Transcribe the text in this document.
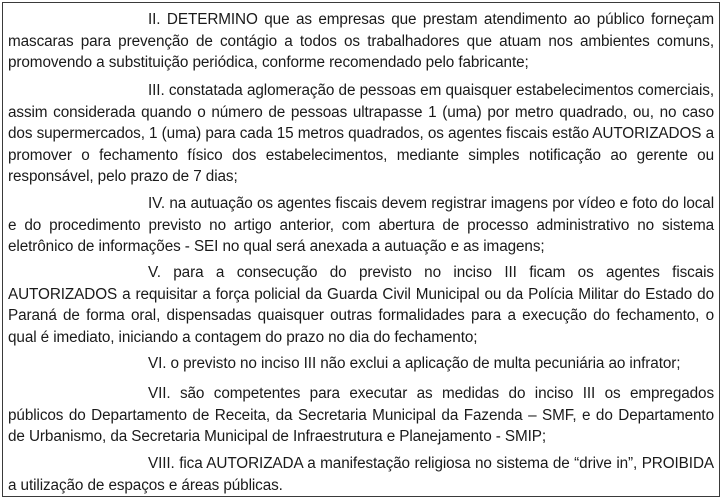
II. DETERMINO que as empresas que prestam atendimento ao público forneçam mascaras para prevenção de contágio a todos os trabalhadores que atuam nos ambientes comuns, promovendo a substituição periódica, conforme recomendado pelo fabricante;

III. constatada aglomeração de pessoas em quaisquer estabelecimentos comerciais, assim considerada quando o número de pessoas ultrapasse 1 (uma) por metro quadrado, ou, no caso dos supermercados, 1 (uma) para cada 15 metros quadrados, os agentes fiscais estão AUTORIZADOS a promover o fechamento físico dos estabelecimentos, mediante simples notificação ao gerente ou responsável, pelo prazo de 7 dias;

IV. na autuação os agentes fiscais devem registrar imagens por vídeo e foto do local e do procedimento previsto no artigo anterior, com abertura de processo administrativo no sistema eletrônico de informações - SEI no qual será anexada a autuação e as imagens;

V. para a consecução do previsto no inciso III ficam os agentes fiscais AUTORIZADOS a requisitar a força policial da Guarda Civil Municipal ou da Polícia Militar do Estado do Paraná de forma oral, dispensadas quaisquer outras formalidades para a execução do fechamento, o qual é imediato, iniciando a contagem do prazo no dia do fechamento;

VI. o previsto no inciso III não exclui a aplicação de multa pecuniária ao infrator;

VII. são competentes para executar as medidas do inciso III os empregados públicos do Departamento de Receita, da Secretaria Municipal da Fazenda – SMF, e do Departamento de Urbanismo, da Secretaria Municipal de Infraestrutura e Planejamento - SMIP;

VIII. fica AUTORIZADA a manifestação religiosa no sistema de “drive in”, PROIBIDA a utilização de espaços e áreas públicas.
